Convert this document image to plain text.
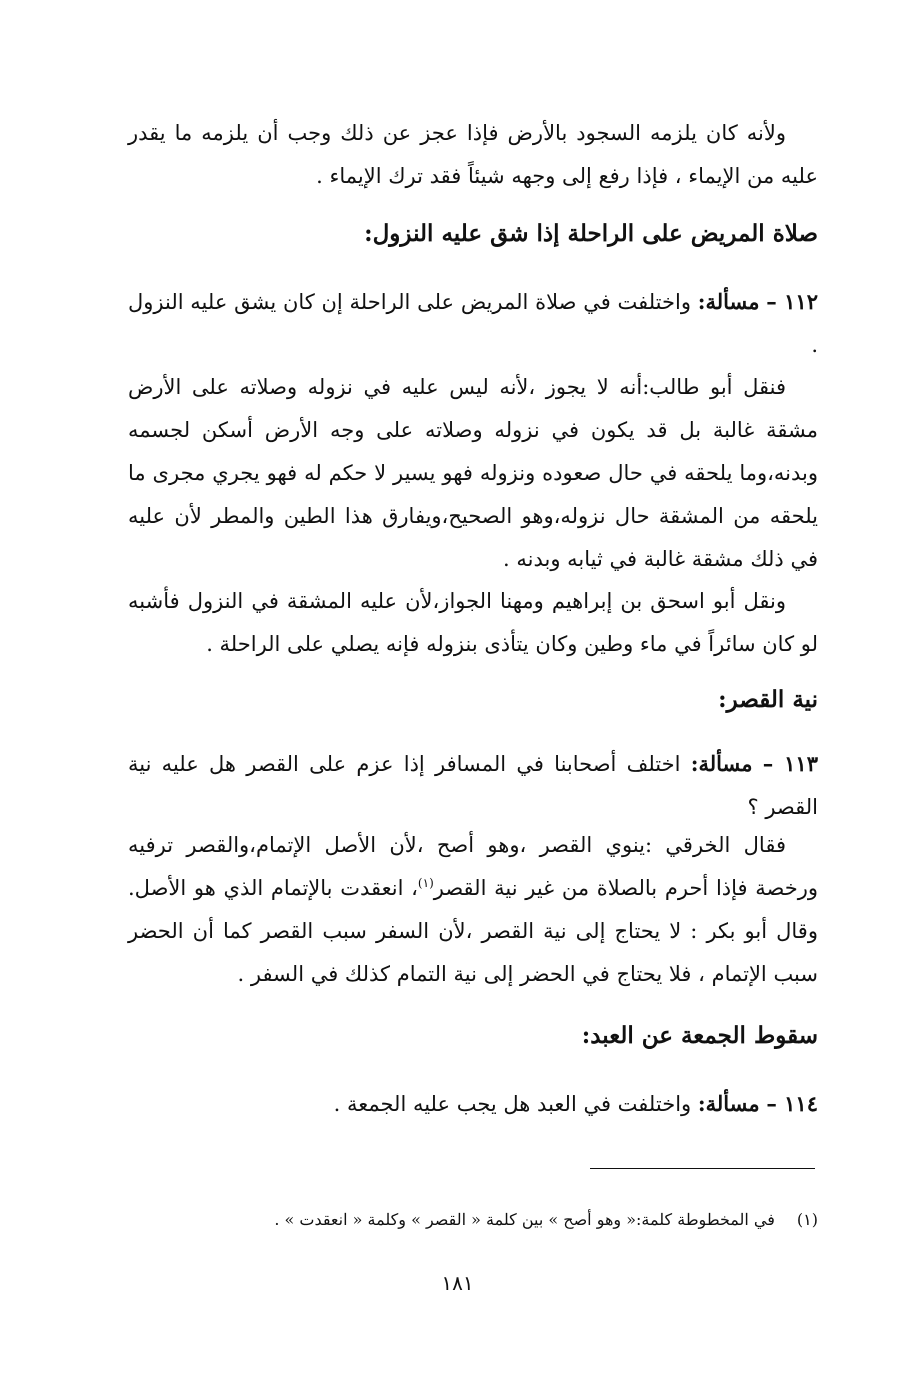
ولأنه كان يلزمه السجود بالأرض فإذا عجز عن ذلك وجب أن يلزمه ما يقدر عليه من الإيماء ، فإذا رفع إلى وجهه شيئاً فقد ترك الإيماء .

صلاة المريض على الراحلة إذا شق عليه النزول:

١١٢ – مسألة: واختلفت في صلاة المريض على الراحلة إن كان يشق عليه النزول .

فنقل أبو طالب:أنه لا يجوز ،لأنه ليس عليه في نزوله وصلاته على الأرض مشقة غالبة بل قد يكون في نزوله وصلاته على وجه الأرض أسكن لجسمه وبدنه،وما يلحقه في حال صعوده ونزوله فهو يسير لا حكم له فهو يجري مجرى ما يلحقه من المشقة حال نزوله،وهو الصحيح،ويفارق هذا الطين والمطر لأن عليه في ذلك مشقة غالبة في ثيابه وبدنه .

ونقل أبو اسحق بن إبراهيم ومهنا الجواز،لأن عليه المشقة في النزول فأشبه لو كان سائراً في ماء وطين وكان يتأذى بنزوله فإنه يصلي على الراحلة .

نية القصر:

١١٣ – مسألة: اختلف أصحابنا في المسافر إذا عزم على القصر هل عليه نية القصر ؟

فقال الخرقي :ينوي القصر ،وهو أصح ،لأن الأصل الإتمام،والقصر ترفيه ورخصة فإذا أحرم بالصلاة من غير نية القصر$^{(١)}$، انعقدت بالإتمام الذي هو الأصل. وقال أبو بكر : لا يحتاج إلى نية القصر ،لأن السفر سبب القصر كما أن الحضر سبب الإتمام ، فلا يحتاج في الحضر إلى نية التمام كذلك في السفر .

سقوط الجمعة عن العبد:

١١٤ – مسألة: واختلفت في العبد هل يجب عليه الجمعة .

(١)في المخطوطة كلمة:« وهو أصح » بين كلمة « القصر » وكلمة « انعقدت » .

١٨١
